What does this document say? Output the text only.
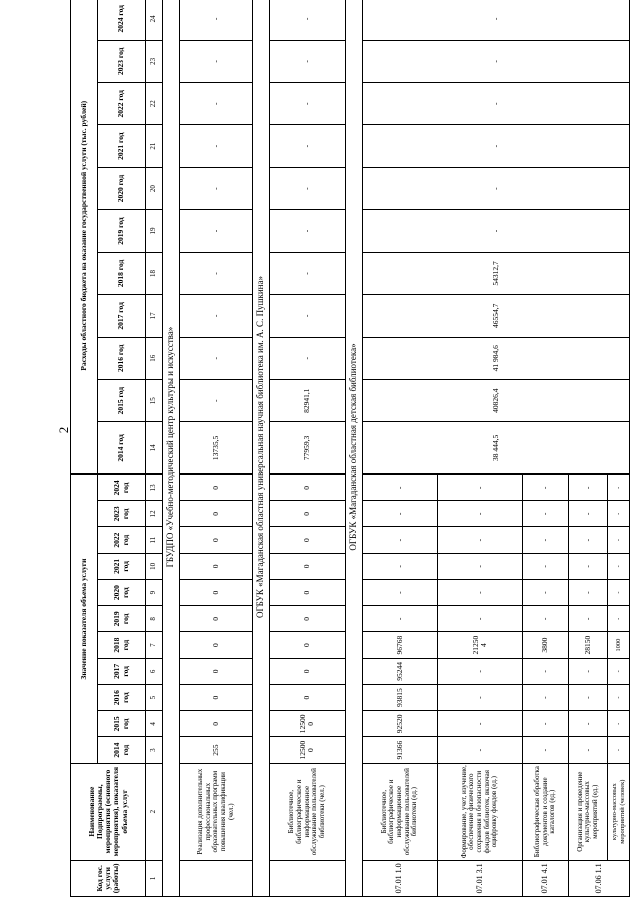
2
Код гос. услуги (работы)	Наименование Подпрограммы, мероприятия (основного мероприятия), показателя объема услуг	Значение показателя объема услуги											Расходы областного бюджета на оказание государственной услуги (тыс. рублей)										
		2014 год	2015 год	2016 год	2017 год	2018 год	2019 год	2020 год	2021 год	2022 год	2023 год	2024 год	2014 год	2015 год	2016 год	2017 год	2018 год	2019 год	2020 год	2021 год	2022 год	2023 год	2024 год
1	2	3	4	5	6	7	8	9	10	11	12	13	14	15	16	17	18	19	20	21	22	23	24
ГБУДПО «Учебно-методический центр культуры и искусства»																							
	Реализация дополнительных профессиональных образовательных программ повышения квалификации (чел.)	255	0	0	0	0	0	0	0	0	0	0	13735,5	-	-	-	-	-	-	-	-	-	-
ОГБУК «Магаданская областная универсальная научная библиотека им. А. С. Пушкина»																							
	Библиотечное, библиографическое и информационное обслуживание пользователей библиотеки (чел.)	12500 0	12500 0	0	0	0	0	0	0	0	0	0	77959,3	82941,1	-	-	-	-	-	-	-	-	-
ОГБУК «Магаданская областная детская библиотека»																							
07.01 1.0	Библиотечное, библиографическое и информационное обслуживание пользователей библиотеки (ед.)	91366	92520	93815	95244	96768	-	-	-	-	-	-	38 444,5	40826,4	41 984,6	46554,7	54312,7	-	-	-	-	-	-
07.01 3.1	Формирование, учет, изучение, обеспечение физического сохранения и безопасности фондов библиотек, включая оцифровку фондов (ед.)	-	-	-	-	21250 4	-	-	-	-	-	-											
07.01 4.1	Библиографическая обработка документов и создание каталогов (ед.)	-	-	-	-	3800	-	-	-	-	-	-											
07.06 1.1	Организация и проведение культурно-массовых мероприятий (ед.)	-	-	-	-	28150	-	-	-	-	-	-											
	культурно-массовых мероприятий (человек)	-	-	-	-	1000	-	-	-	-	-	-											
